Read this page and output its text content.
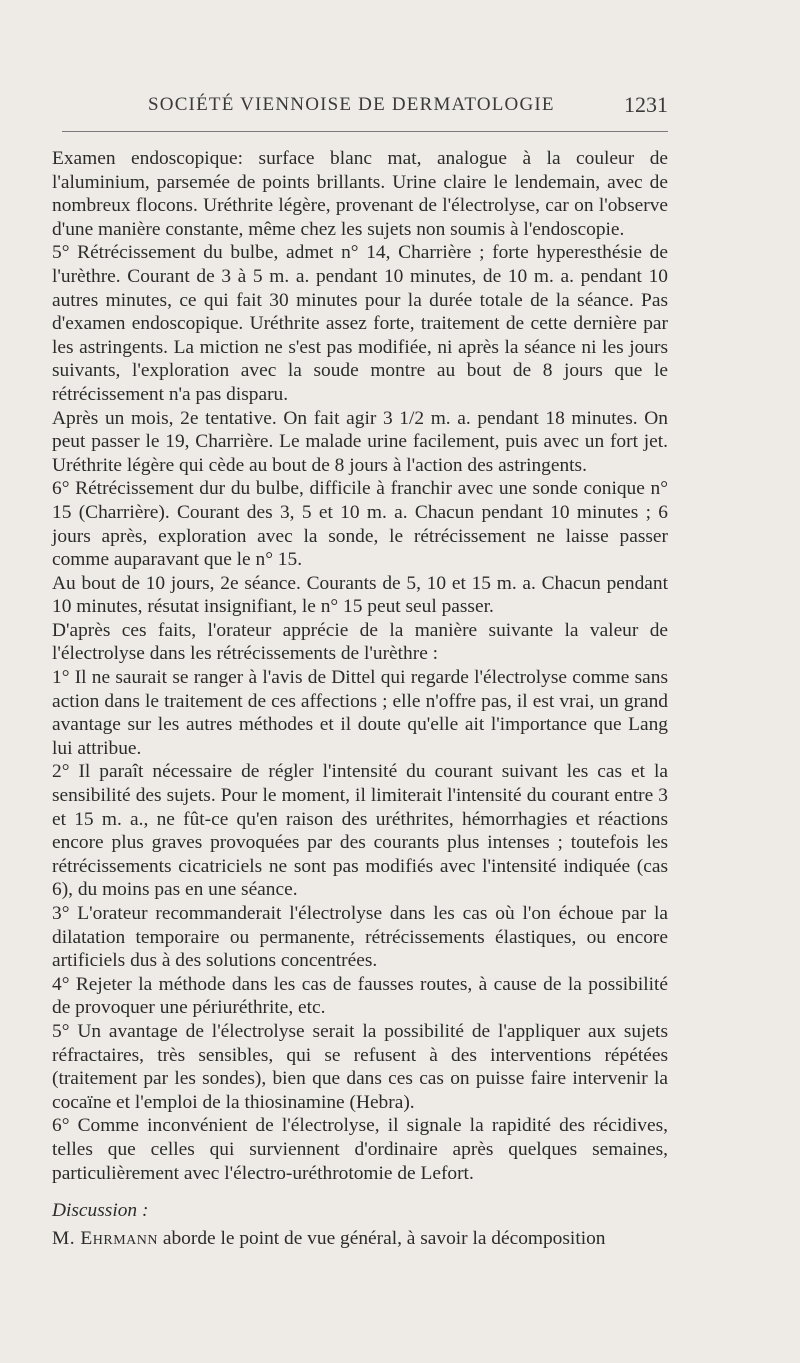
SOCIÉTÉ VIENNOISE DE DERMATOLOGIE	1231

Examen endoscopique: surface blanc mat, analogue à la couleur de l'aluminium, parsemée de points brillants. Urine claire le lendemain, avec de nombreux flocons. Uréthrite légère, provenant de l'électrolyse, car on l'observe d'une manière constante, même chez les sujets non soumis à l'endoscopie.

5° Rétrécissement du bulbe, admet n° 14, Charrière ; forte hyperesthésie de l'urèthre. Courant de 3 à 5 m. a. pendant 10 minutes, de 10 m. a. pendant 10 autres minutes, ce qui fait 30 minutes pour la durée totale de la séance. Pas d'examen endoscopique. Uréthrite assez forte, traitement de cette dernière par les astringents. La miction ne s'est pas modifiée, ni après la séance ni les jours suivants, l'exploration avec la soude montre au bout de 8 jours que le rétrécissement n'a pas disparu.

Après un mois, 2e tentative. On fait agir 3 1/2 m. a. pendant 18 minutes. On peut passer le 19, Charrière. Le malade urine facilement, puis avec un fort jet. Uréthrite légère qui cède au bout de 8 jours à l'action des astringents.

6° Rétrécissement dur du bulbe, difficile à franchir avec une sonde conique n° 15 (Charrière). Courant des 3, 5 et 10 m. a. Chacun pendant 10 minutes ; 6 jours après, exploration avec la sonde, le rétrécissement ne laisse passer comme auparavant que le n° 15.

Au bout de 10 jours, 2e séance. Courants de 5, 10 et 15 m. a. Chacun pendant 10 minutes, résutat insignifiant, le n° 15 peut seul passer.

D'après ces faits, l'orateur apprécie de la manière suivante la valeur de l'électrolyse dans les rétrécissements de l'urèthre :

1° Il ne saurait se ranger à l'avis de Dittel qui regarde l'électrolyse comme sans action dans le traitement de ces affections ; elle n'offre pas, il est vrai, un grand avantage sur les autres méthodes et il doute qu'elle ait l'importance que Lang lui attribue.

2° Il paraît nécessaire de régler l'intensité du courant suivant les cas et la sensibilité des sujets. Pour le moment, il limiterait l'intensité du courant entre 3 et 15 m. a., ne fût-ce qu'en raison des uréthrites, hémorrhagies et réactions encore plus graves provoquées par des courants plus intenses ; toutefois les rétrécissements cicatriciels ne sont pas modifiés avec l'intensité indiquée (cas 6), du moins pas en une séance.

3° L'orateur recommanderait l'électrolyse dans les cas où l'on échoue par la dilatation temporaire ou permanente, rétrécissements élastiques, ou encore artificiels dus à des solutions concentrées.

4° Rejeter la méthode dans les cas de fausses routes, à cause de la possibilité de provoquer une périuréthrite, etc.

5° Un avantage de l'électrolyse serait la possibilité de l'appliquer aux sujets réfractaires, très sensibles, qui se refusent à des interventions répétées (traitement par les sondes), bien que dans ces cas on puisse faire intervenir la cocaïne et l'emploi de la thiosinamine (Hebra).

6° Comme inconvénient de l'électrolyse, il signale la rapidité des récidives, telles que celles qui surviennent d'ordinaire après quelques semaines, particulièrement avec l'électro-uréthrotomie de Lefort.

Discussion :

M. Ehrmann aborde le point de vue général, à savoir la décomposition
